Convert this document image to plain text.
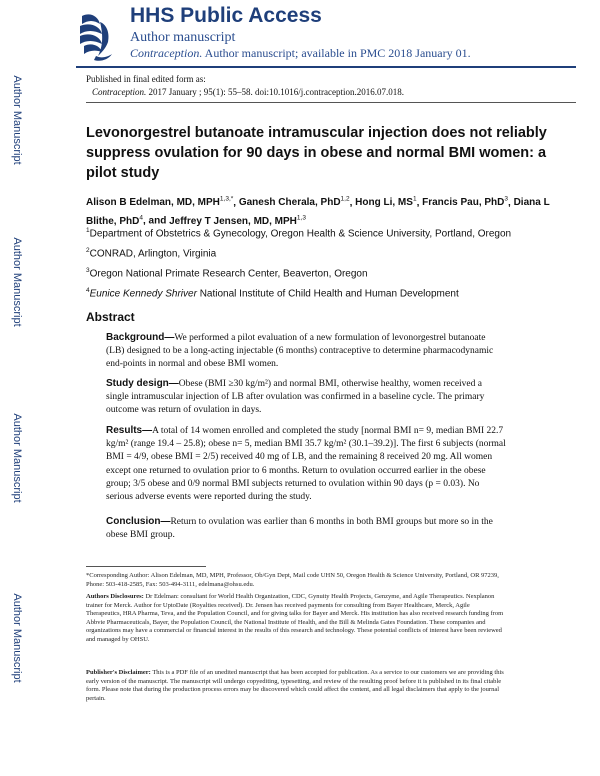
HHS Public Access
Author manuscript
Contraception. Author manuscript; available in PMC 2018 January 01.
Author Manuscript
Author Manuscript
Author Manuscript
Author Manuscript
Published in final edited form as:
Contraception. 2017 January ; 95(1): 55–58. doi:10.1016/j.contraception.2016.07.018.
Levonorgestrel butanoate intramuscular injection does not reliably suppress ovulation for 90 days in obese and normal BMI women: a pilot study
Alison B Edelman, MD, $MPH^{1,3,*}$, Ganesh Cherala, PhD$^{1,2}$, Hong Li, $MS^1$, Francis Pau, PhD$^3$, Diana L Blithe, PhD$^4$, and Jeffrey T Jensen, MD, MPH$^{1,3}$
$^1$Department of Obstetrics & Gynecology, Oregon Health & Science University, Portland, Oregon
$^2$CONRAD, Arlington, Virginia
$^3$Oregon National Primate Research Center, Beaverton, Oregon
$^4$Eunice Kennedy Shriver National Institute of Child Health and Human Development
Abstract
Background—We performed a pilot evaluation of a new formulation of levonorgestrel butanoate (LB) designed to be a long-acting injectable (6 months) contraceptive to determine pharmacodynamic end-points in normal and obese BMI women.
Study design—Obese (BMI ≥30 kg/m²) and normal BMI, otherwise healthy, women received a single intramuscular injection of LB after ovulation was confirmed in a baseline cycle. The primary outcome was return of ovulation in days.
Results—A total of 14 women enrolled and completed the study [normal BMI n= 9, median BMI 22.7 kg/m² (range 19.4 – 25.8); obese n= 5, median BMI 35.7 kg/m² (30.1–39.2)]. The first 6 subjects (normal BMI = 4/9, obese BMI = 2/5) received 40 mg of LB, and the remaining 8 received 20 mg. All women except one returned to ovulation prior to 6 months. Return to ovulation occurred earlier in the obese group; 3/5 obese and 0/9 normal BMI subjects returned to ovulation within 90 days (p = 0.03). No serious adverse events were reported during the study.
Conclusion—Return to ovulation was earlier than 6 months in both BMI groups but more so in the obese BMI group.
*Corresponding Author: Alison Edelman, MD, MPH, Professor, Ob/Gyn Dept, Mail code UHN 50, Oregon Health & Science University, Portland, OR 97239, Phone: 503-418-2585, Fax: 503-494-3111, edelmana@ohsu.edu.
Authors Disclosures: Dr Edelman: consultant for World Health Organization, CDC, Gynuity Health Projects, Genzyme, and Agile Therapeutics. Nexplanon trainer for Merck. Author for UptoDate (Royalties received). Dr. Jensen has received payments for consulting from Bayer Healthcare, Merck, Agile Therapeutics, HRA Pharma, Teva, and the Population Council, and for giving talks for Bayer and Merck. His institution has also received research funding from Abbvie Pharmaceuticals, Bayer, the Population Council, the National Institute of Health, and the Bill & Melinda Gates Foundation. These companies and organizations may have a commercial or financial interest in the results of this research and technology. These potential conflicts of interest have been reviewed and managed by OHSU.
Publisher's Disclaimer: This is a PDF file of an unedited manuscript that has been accepted for publication. As a service to our customers we are providing this early version of the manuscript. The manuscript will undergo copyediting, typesetting, and review of the resulting proof before it is published in its final citable form. Please note that during the production process errors may be discovered which could affect the content, and all legal disclaimers that apply to the journal pertain.
